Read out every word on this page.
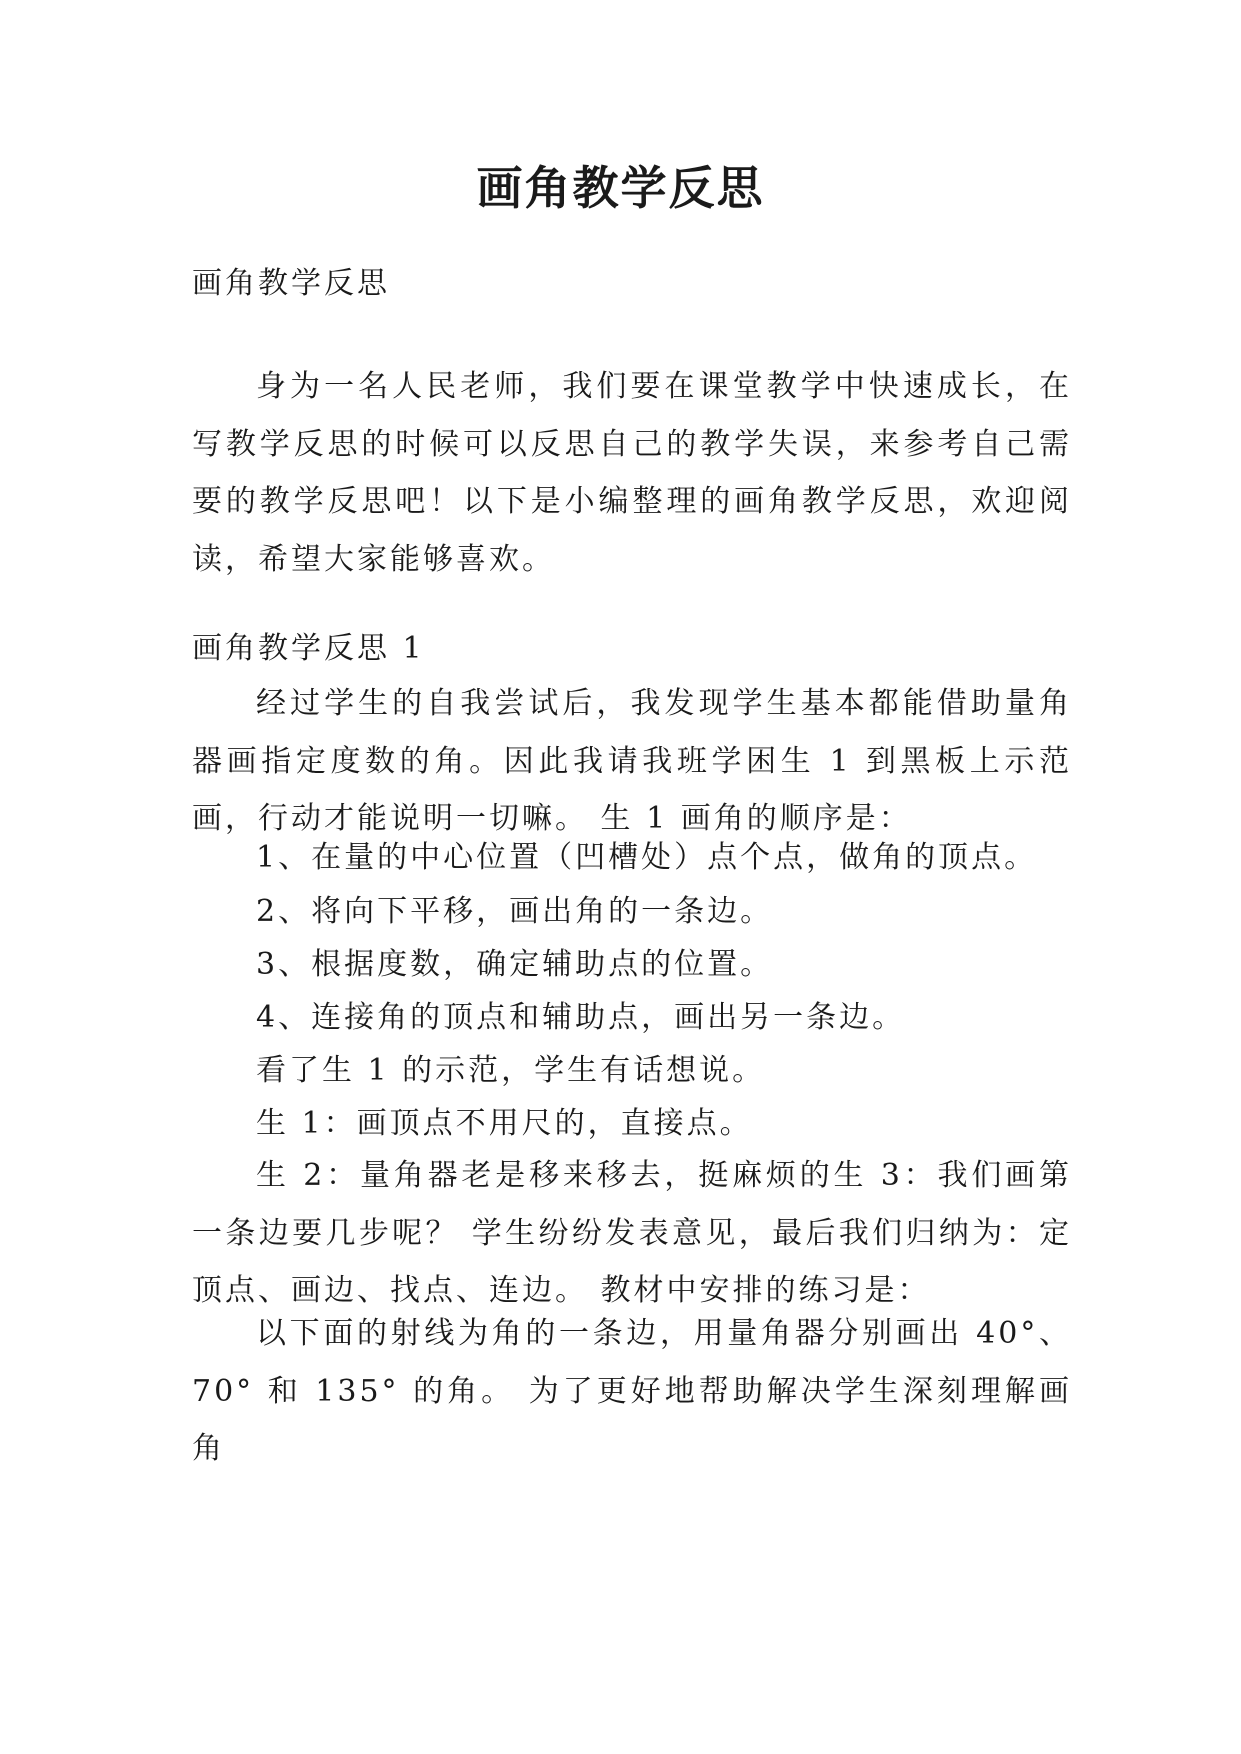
画角教学反思

画角教学反思

身为一名人民老师，我们要在课堂教学中快速成长，在写教学反思的时候可以反思自己的教学失误，来参考自己需要的教学反思吧！以下是小编整理的画角教学反思，欢迎阅读，希望大家能够喜欢。

画角教学反思 1

经过学生的自我尝试后，我发现学生基本都能借助量角器画指定度数的角。因此我请我班学困生 1 到黑板上示范画，行动才能说明一切嘛。 生 1 画角的顺序是：

1、在量的中心位置（凹槽处）点个点，做角的顶点。

2、将向下平移，画出角的一条边。

3、根据度数，确定辅助点的位置。

4、连接角的顶点和辅助点，画出另一条边。

看了生 1 的示范，学生有话想说。

生 1：画顶点不用尺的，直接点。

生 2：量角器老是移来移去，挺麻烦的生 3：我们画第一条边要几步呢？ 学生纷纷发表意见，最后我们归纳为：定顶点、画边、找点、连边。 教材中安排的练习是：

以下面的射线为角的一条边，用量角器分别画出 40°、70° 和 135° 的角。 为了更好地帮助解决学生深刻理解画角
